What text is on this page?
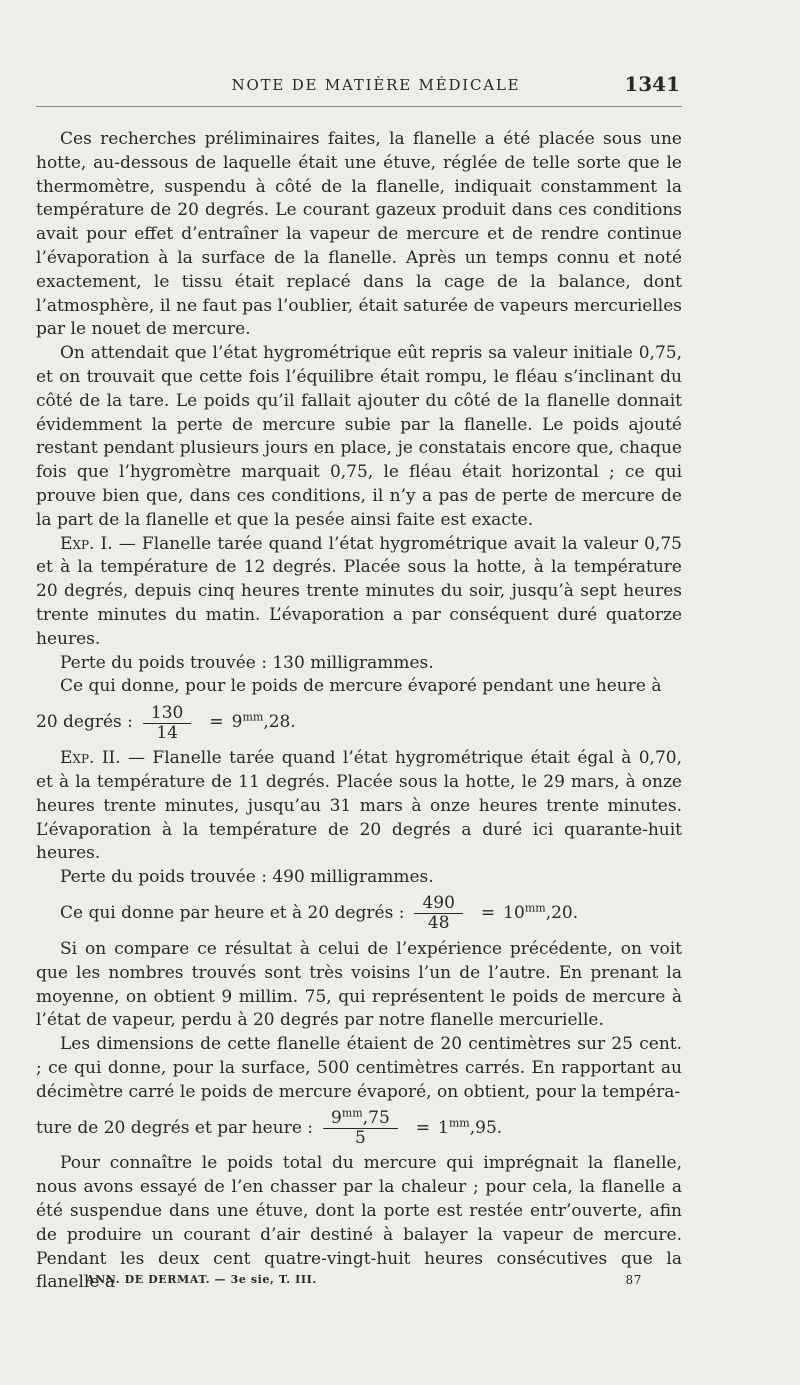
NOTE DE MATIÈRE MÉDICALE	1341

Ces recherches préliminaires faites, la flanelle a été placée sous une hotte, au-dessous de laquelle était une étuve, réglée de telle sorte que le thermomètre, suspendu à côté de la flanelle, indiquait constamment la température de 20 degrés. Le courant gazeux produit dans ces conditions avait pour effet d’entraîner la vapeur de mercure et de rendre continue l’évaporation à la surface de la flanelle. Après un temps connu et noté exactement, le tissu était replacé dans la cage de la balance, dont l’atmosphère, il ne faut pas l’oublier, était saturée de vapeurs mercurielles par le nouet de mercure.

On attendait que l’état hygrométrique eût repris sa valeur initiale 0,75, et on trouvait que cette fois l’équilibre était rompu, le fléau s’inclinant du côté de la tare. Le poids qu’il fallait ajouter du côté de la flanelle donnait évidemment la perte de mercure subie par la flanelle. Le poids ajouté restant pendant plusieurs jours en place, je constatais encore que, chaque fois que l’hygromètre marquait 0,75, le fléau était horizontal ; ce qui prouve bien que, dans ces conditions, il n’y a pas de perte de mercure de la part de la flanelle et que la pesée ainsi faite est exacte.

Exp. I. — Flanelle tarée quand l’état hygrométrique avait la valeur 0,75 et à la température de 12 degrés. Placée sous la hotte, à la température 20 degrés, depuis cinq heures trente minutes du soir, jusqu’à sept heures trente minutes du matin. L’évaporation a par conséquent duré quatorze heures.

Perte du poids trouvée : 130 milligrammes.

Ce qui donne, pour le poids de mercure évaporé pendant une heure à

20 degrés : $\frac{130}{14} = 9^{mm},28$.

Exp. II. — Flanelle tarée quand l’état hygrométrique était égal à 0,70, et à la température de 11 degrés. Placée sous la hotte, le 29 mars, à onze heures trente minutes, jusqu’au 31 mars à onze heures trente minutes. L’évaporation à la température de 20 degrés a duré ici quarante-huit heures.

Perte du poids trouvée : 490 milligrammes.

Ce qui donne par heure et à 20 degrés : $\frac{490}{48} = 10^{mm},20$.

Si on compare ce résultat à celui de l’expérience précédente, on voit que les nombres trouvés sont très voisins l’un de l’autre. En prenant la moyenne, on obtient 9 millim. 75, qui représentent le poids de mercure à l’état de vapeur, perdu à 20 degrés par notre flanelle mercurielle.

Les dimensions de cette flanelle étaient de 20 centimètres sur 25 cent. ; ce qui donne, pour la surface, 500 centimètres carrés. En rapportant au décimètre carré le poids de mercure évaporé, on obtient, pour la tempéra-

ture de 20 degrés et par heure : $\frac{9^{mm},75}{5} = 1^{mm},95$.

Pour connaître le poids total du mercure qui imprégnait la flanelle, nous avons essayé de l’en chasser par la chaleur ; pour cela, la flanelle a été suspendue dans une étuve, dont la porte est restée entr’ouverte, afin de produire un courant d’air destiné à balayer la vapeur de mercure. Pendant les deux cent quatre-vingt-huit heures consécutives que la flanelle a

ANN. DE DERMAT. — 3e sie, T. III.	87
